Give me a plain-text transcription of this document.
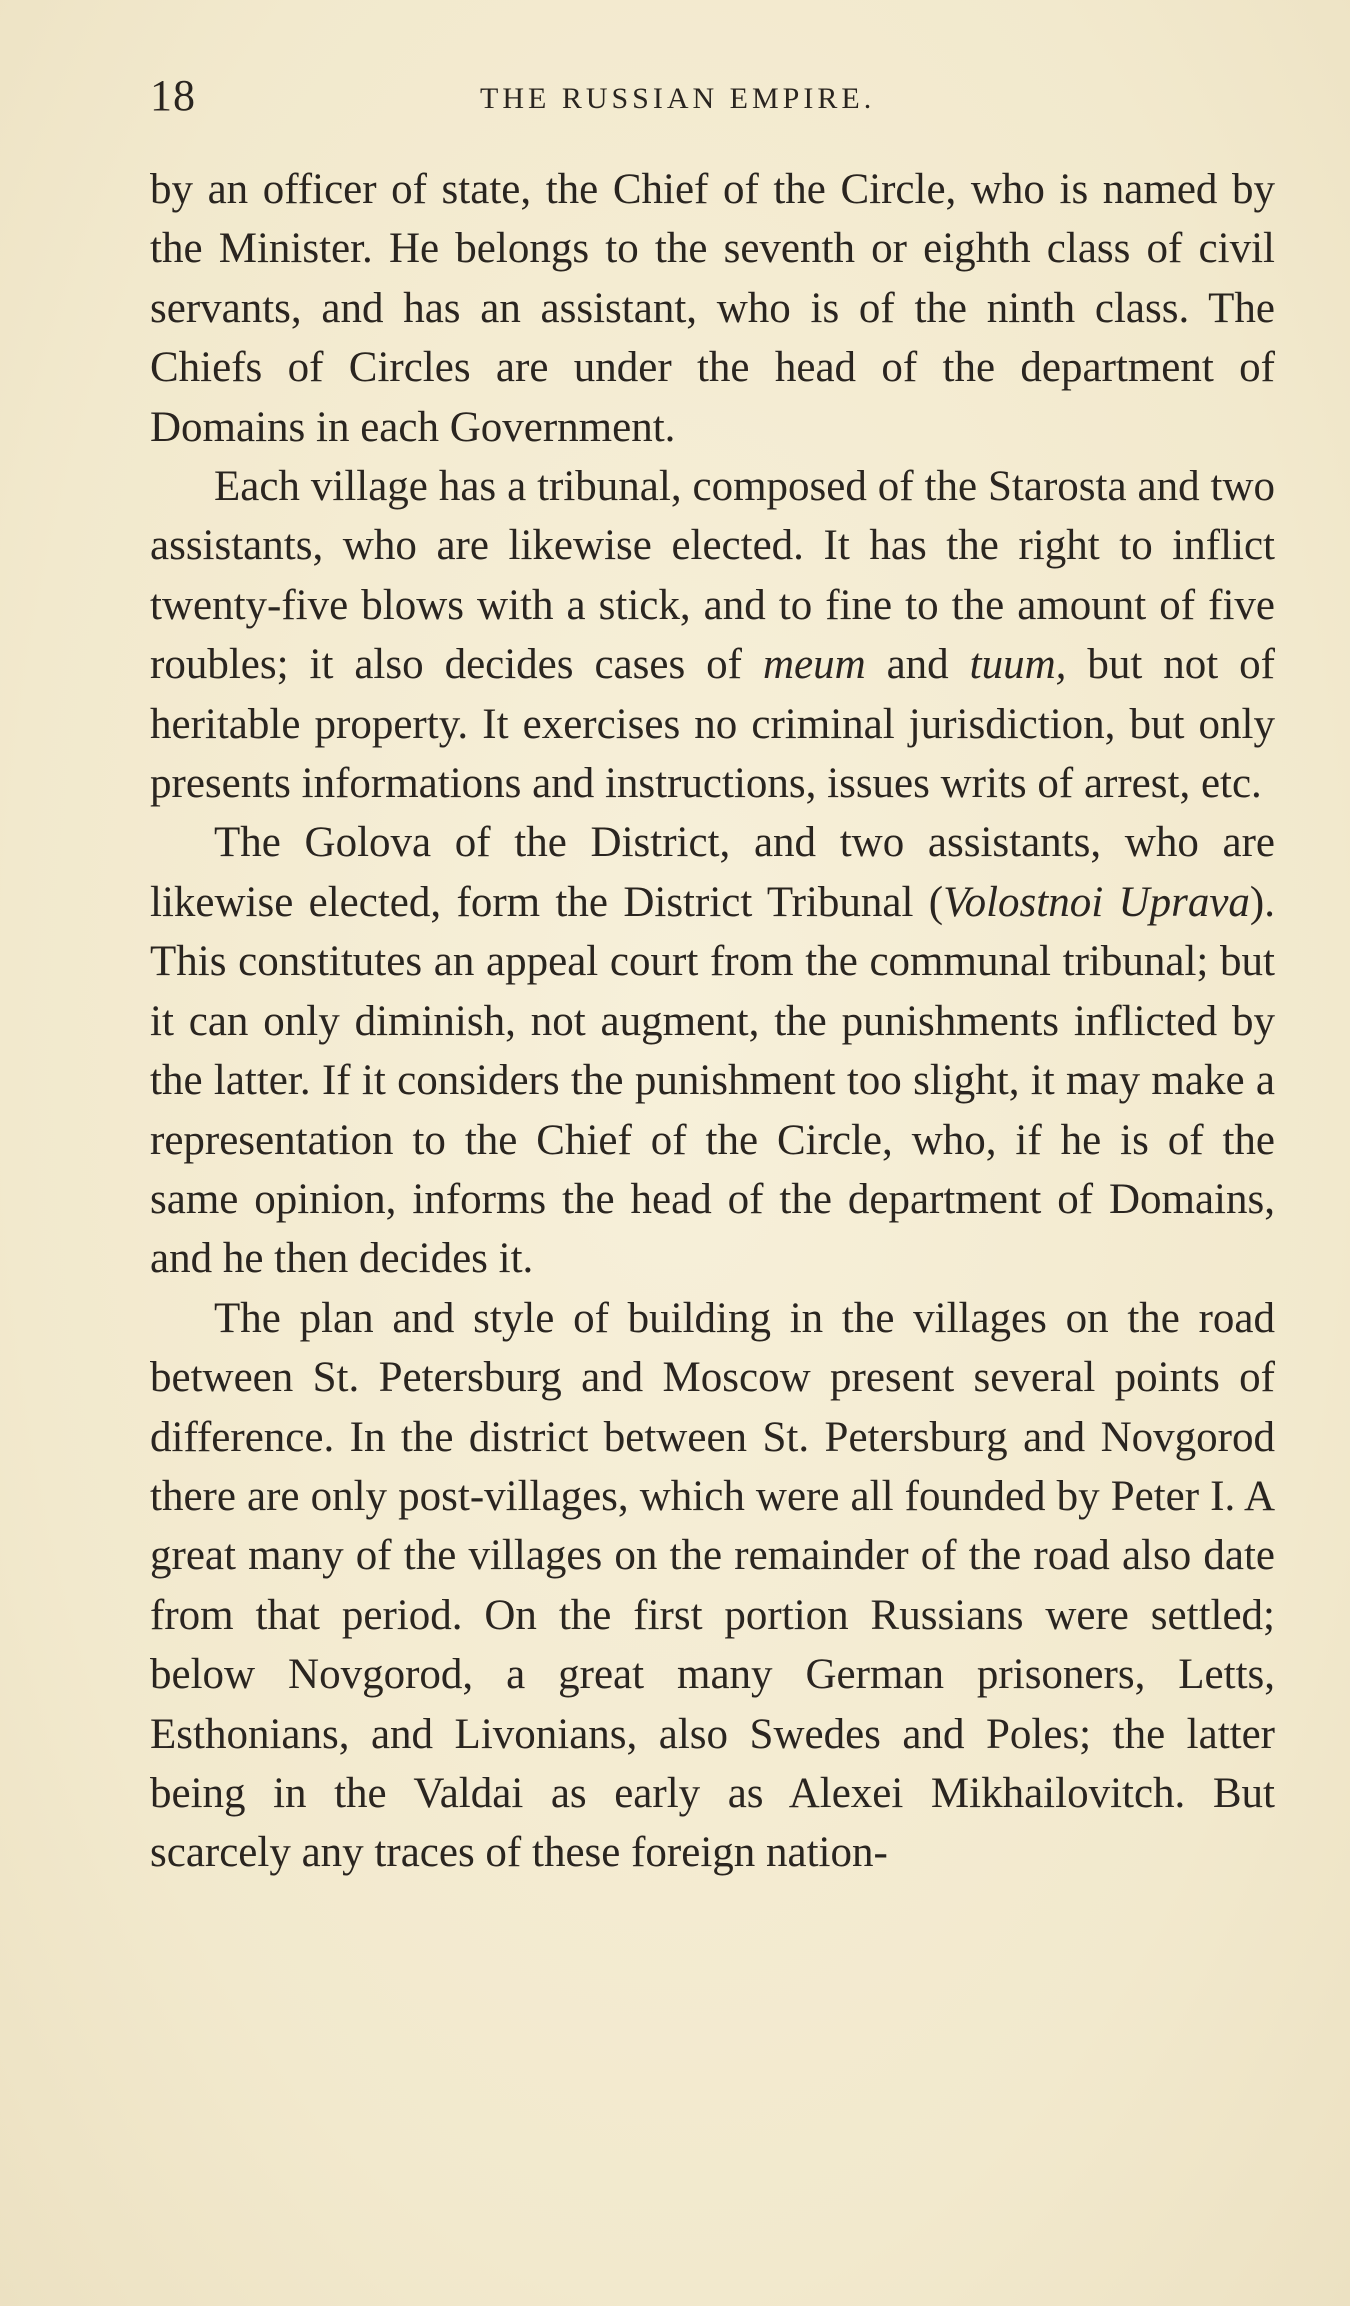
18	THE RUSSIAN EMPIRE.

by an officer of state, the Chief of the Circle, who is named by the Minister. He belongs to the seventh or eighth class of civil servants, and has an assistant, who is of the ninth class. The Chiefs of Circles are under the head of the department of Domains in each Government.

Each village has a tribunal, composed of the Starosta and two assistants, who are likewise elected. It has the right to inflict twenty-five blows with a stick, and to fine to the amount of five roubles; it also decides cases of meum and tuum, but not of heritable property. It exercises no criminal jurisdiction, but only presents informations and instructions, issues writs of arrest, etc.

The Golova of the District, and two assistants, who are likewise elected, form the District Tribunal (Volostnoi Uprava). This constitutes an appeal court from the communal tribunal; but it can only diminish, not augment, the punishments inflicted by the latter. If it considers the punishment too slight, it may make a representation to the Chief of the Circle, who, if he is of the same opinion, informs the head of the department of Domains, and he then decides it.

The plan and style of building in the villages on the road between St. Petersburg and Moscow present several points of difference. In the district between St. Petersburg and Novgorod there are only post-villages, which were all founded by Peter I. A great many of the villages on the remainder of the road also date from that period. On the first portion Russians were settled; below Novgorod, a great many German prisoners, Letts, Esthonians, and Livonians, also Swedes and Poles; the latter being in the Valdai as early as Alexei Mikhailovitch. But scarcely any traces of these foreign nation-
